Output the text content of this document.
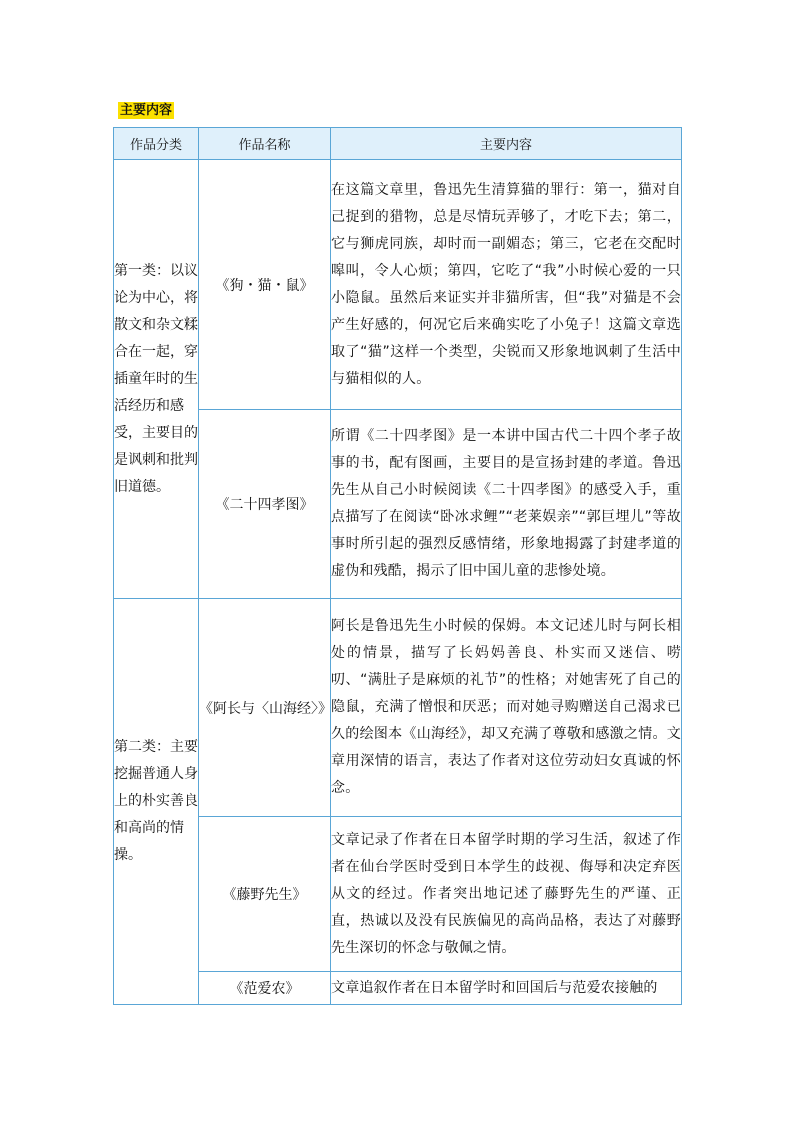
主要内容
作品分类	作品名称	主要内容
第一类：以议论为中心，将散文和杂文糅合在一起，穿插童年时的生活经历和感受，主要目的是讽刺和批判旧道德。	《狗・猫・鼠》	在这篇文章里，鲁迅先生清算猫的罪行：第一，猫对自己捉到的猎物，总是尽情玩弄够了，才吃下去；第二，它与狮虎同族，却时而一副媚态；第三，它老在交配时嗥叫，令人心烦；第四，它吃了“我”小时候心爱的一只小隐鼠。虽然后来证实并非猫所害，但“我”对猫是不会产生好感的，何况它后来确实吃了小兔子！这篇文章选取了“猫”这样一个类型，尖锐而又形象地讽刺了生活中与猫相似的人。
	《二十四孝图》	所谓《二十四孝图》是一本讲中国古代二十四个孝子故事的书，配有图画，主要目的是宣扬封建的孝道。鲁迅先生从自己小时候阅读《二十四孝图》的感受入手，重点描写了在阅读“卧冰求鲤”“老莱娱亲”“郭巨埋儿”等故事时所引起的强烈反感情绪，形象地揭露了封建孝道的虚伪和残酷，揭示了旧中国儿童的悲惨处境。
第二类：主要挖掘普通人身上的朴实善良和高尚的情操。	《阿长与〈山海经〉》	阿长是鲁迅先生小时候的保姆。本文记述儿时与阿长相处的情景，描写了长妈妈善良、朴实而又迷信、唠叨、“满肚子是麻烦的礼节”的性格；对她害死了自己的隐鼠，充满了憎恨和厌恶；而对她寻购赠送自己渴求已久的绘图本《山海经》，却又充满了尊敬和感激之情。文章用深情的语言，表达了作者对这位劳动妇女真诚的怀念。
	《藤野先生》	文章记录了作者在日本留学时期的学习生活，叙述了作者在仙台学医时受到日本学生的歧视、侮辱和决定弃医从文的经过。作者突出地记述了藤野先生的严谨、正直，热诚以及没有民族偏见的高尚品格，表达了对藤野先生深切的怀念与敬佩之情。
	《范爱农》	文章追叙作者在日本留学时和回国后与范爱农接触的
